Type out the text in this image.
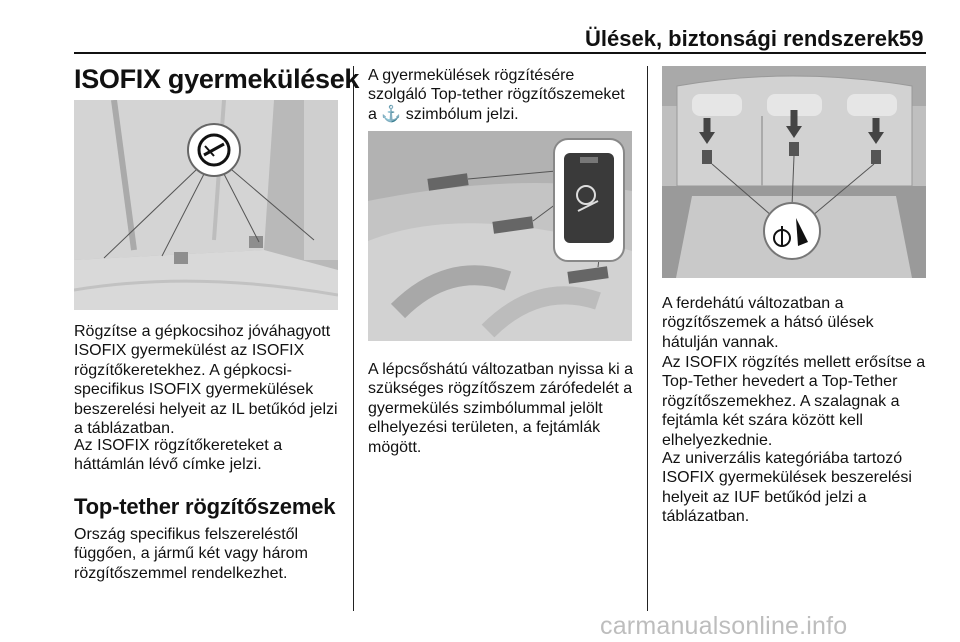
Ülések, biztonsági rendszerek 59
ISOFIX gyermekülések

Rögzítse a gépkocsihoz jóváhagyott ISOFIX gyermekülést az ISOFIX rögzítőkeretekhez. A gépkocsi-specifikus ISOFIX gyermekülések beszerelési helyeit az IL betűkód jelzi a táblázatban.

Az ISOFIX rögzítőkereteket a háttámlán lévő címke jelzi.

Top-tether rögzítőszemek

Ország specifikus felszereléstől függően, a jármű két vagy három rözgítőszemmel rendelkezhet.

A gyermekülések rögzítésére szolgáló Top-tether rögzítőszemeket a ⚓ szimbólum jelzi.

A lépcsőshátú változatban nyissa ki a szükséges rögzítőszem zárófedelét a gyermekülés szimbólummal jelölt elhelyezési területen, a fejtámlák mögött.

A ferdehátú változatban a rögzítőszemek a hátsó ülések hátulján vannak.

Az ISOFIX rögzítés mellett erősítse a Top-Tether hevedert a Top-Tether rögzítőszemekhez. A szalagnak a fejtámla két szára között kell elhelyezkednie.

Az univerzális kategóriába tartozó ISOFIX gyermekülések beszerelési helyeit az IUF betűkód jelzi a táblázatban.

carmanualsonline.info
